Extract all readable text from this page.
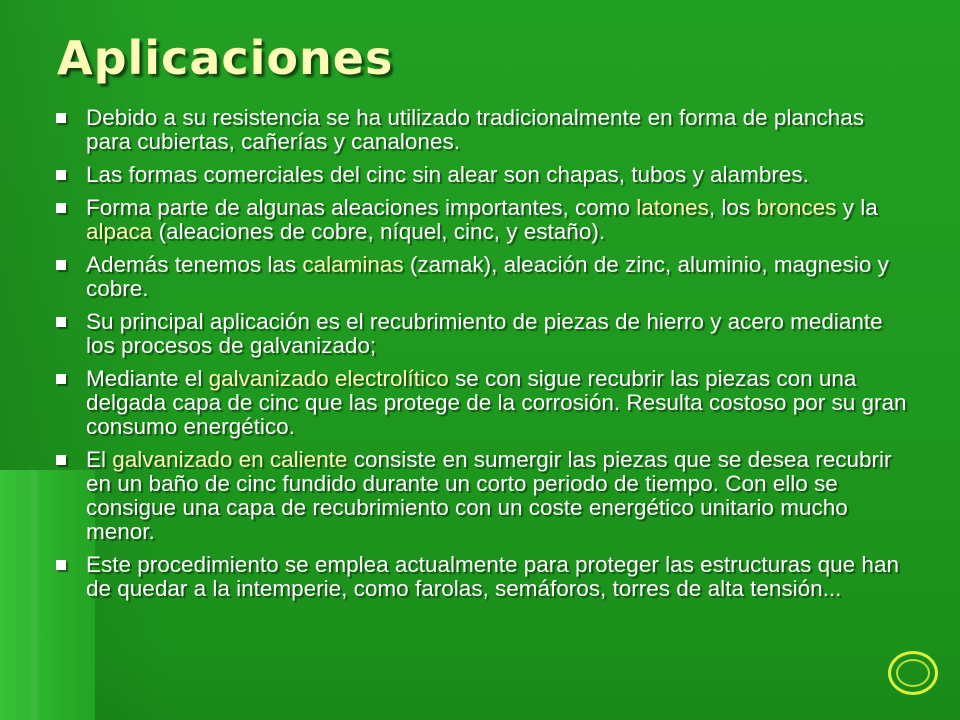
Aplicaciones
Debido a su resistencia se ha utilizado tradicionalmente en forma de planchas para cubiertas, cañerías y canalones.
Las formas comerciales del cinc sin alear son chapas, tubos y alambres.
Forma parte de algunas aleaciones importantes, como latones, los bronces y la alpaca (aleaciones de cobre, níquel, cinc, y estaño).
Además tenemos las calaminas (zamak), aleación de zinc, aluminio, magnesio y cobre.
Su principal aplicación es el recubrimiento de piezas de hierro y acero mediante los procesos de galvanizado;
Mediante el galvanizado electrolítico se con sigue recubrir las piezas con una delgada capa de cinc que las protege de la corrosión. Resulta costoso por su gran consumo energético.
El galvanizado en caliente consiste en sumergir las piezas que se desea recubrir en un baño de cinc fundido durante un corto periodo de tiempo. Con ello se consigue una capa de recubrimiento con un coste energético unitario mucho menor.
Este procedimiento se emplea actualmente para proteger las estructuras que han de quedar a la intemperie, como farolas, semáforos, torres de alta tensión...
